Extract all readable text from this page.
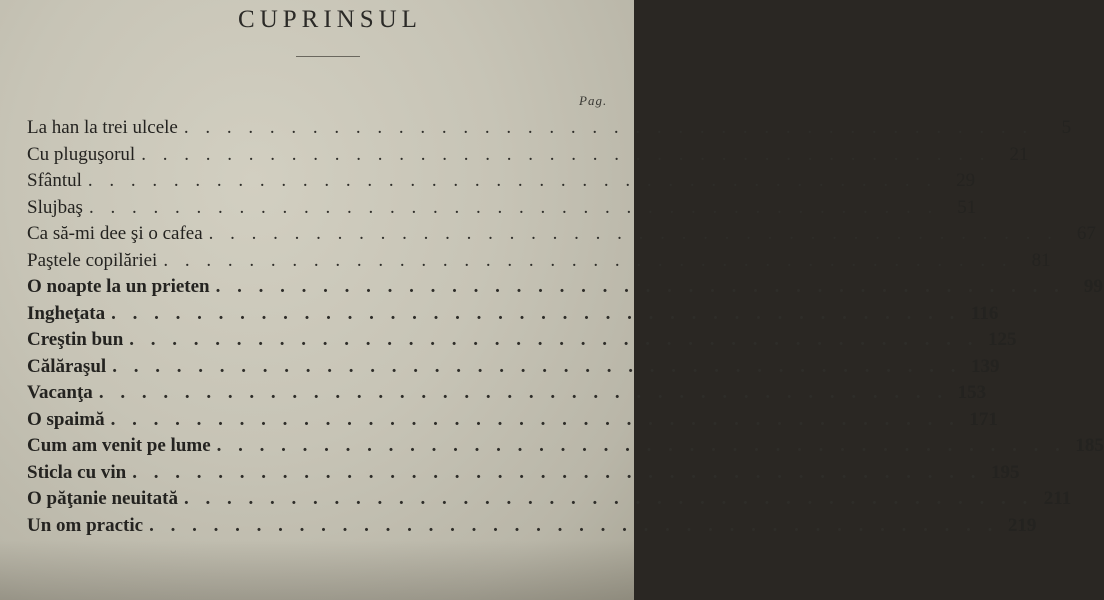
CUPRINSUL
Pag.
La han la trei ulcele . . . . . . . . . . . . . . . . . . . . . . . . . . . . . . . . . . . . . . . .	5
Cu pluguşorul . . . . . . . . . . . . . . . . . . . . . . . . . . . . . . . . . . . . . . . .	21
Sfântul . . . . . . . . . . . . . . . . . . . . . . . . . . . . . . . . . . . . . . . .	29
Slujbaş . . . . . . . . . . . . . . . . . . . . . . . . . . . . . . . . . . . . . . . .	51
Ca să-mi dee şi o cafea . . . . . . . . . . . . . . . . . . . . . . . . . . . . . . . . . . . . . . . .	67
Paştele copilăriei . . . . . . . . . . . . . . . . . . . . . . . . . . . . . . . . . . . . . . . .	81
O noapte la un prieten . . . . . . . . . . . . . . . . . . . . . . . . . . . . . . . . . . . . . . . .	99
Ingheţata . . . . . . . . . . . . . . . . . . . . . . . . . . . . . . . . . . . . . . . . 116
Creştin bun . . . . . . . . . . . . . . . . . . . . . . . . . . . . . . . . . . . . . . . . 125
Călăraşul . . . . . . . . . . . . . . . . . . . . . . . . . . . . . . . . . . . . . . . . 139
Vacanţa . . . . . . . . . . . . . . . . . . . . . . . . . . . . . . . . . . . . . . . . 153
O spaimă . . . . . . . . . . . . . . . . . . . . . . . . . . . . . . . . . . . . . . . . 171
Cum am venit pe lume . . . . . . . . . . . . . . . . . . . . . . . . . . . . . . . . . . . . . . . . 185
Sticla cu vin . . . . . . . . . . . . . . . . . . . . . . . . . . . . . . . . . . . . . . . . 195
O păţanie neuitată . . . . . . . . . . . . . . . . . . . . . . . . . . . . . . . . . . . . . . . . 211
Un om practic . . . . . . . . . . . . . . . . . . . . . . . . . . . . . . . . . . . . . . . . 219
